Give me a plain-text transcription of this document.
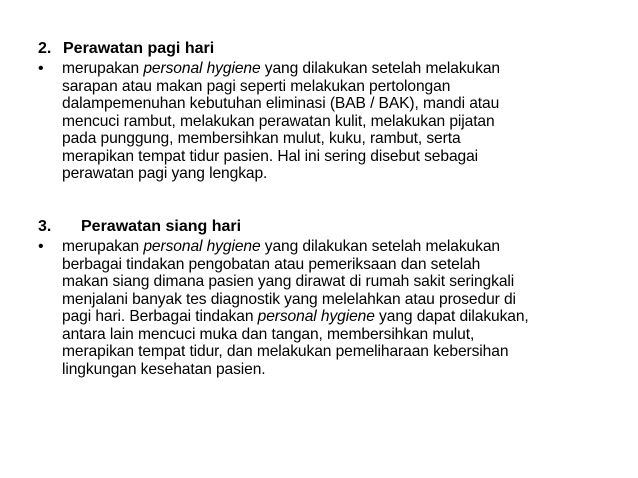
2. Perawatan pagi hari
•	merupakan personal hygiene yang dilakukan setelah melakukan
sarapan atau makan pagi seperti melakukan pertolongan
dalampemenuhan kebutuhan eliminasi (BAB / BAK), mandi atau
mencuci rambut, melakukan perawatan kulit, melakukan pijatan
pada punggung, membersihkan mulut, kuku, rambut, serta
merapikan tempat tidur pasien. Hal ini sering disebut sebagai
perawatan pagi yang lengkap.
3.	Perawatan siang hari
•	merupakan personal hygiene yang dilakukan setelah melakukan
berbagai tindakan pengobatan atau pemeriksaan dan setelah
makan siang dimana pasien yang dirawat di rumah sakit seringkali
menjalani banyak tes diagnostik yang melelahkan atau prosedur di
pagi hari. Berbagai tindakan personal hygiene yang dapat dilakukan,
antara lain mencuci muka dan tangan, membersihkan mulut,
merapikan tempat tidur, dan melakukan pemeliharaan kebersihan
lingkungan kesehatan pasien.
